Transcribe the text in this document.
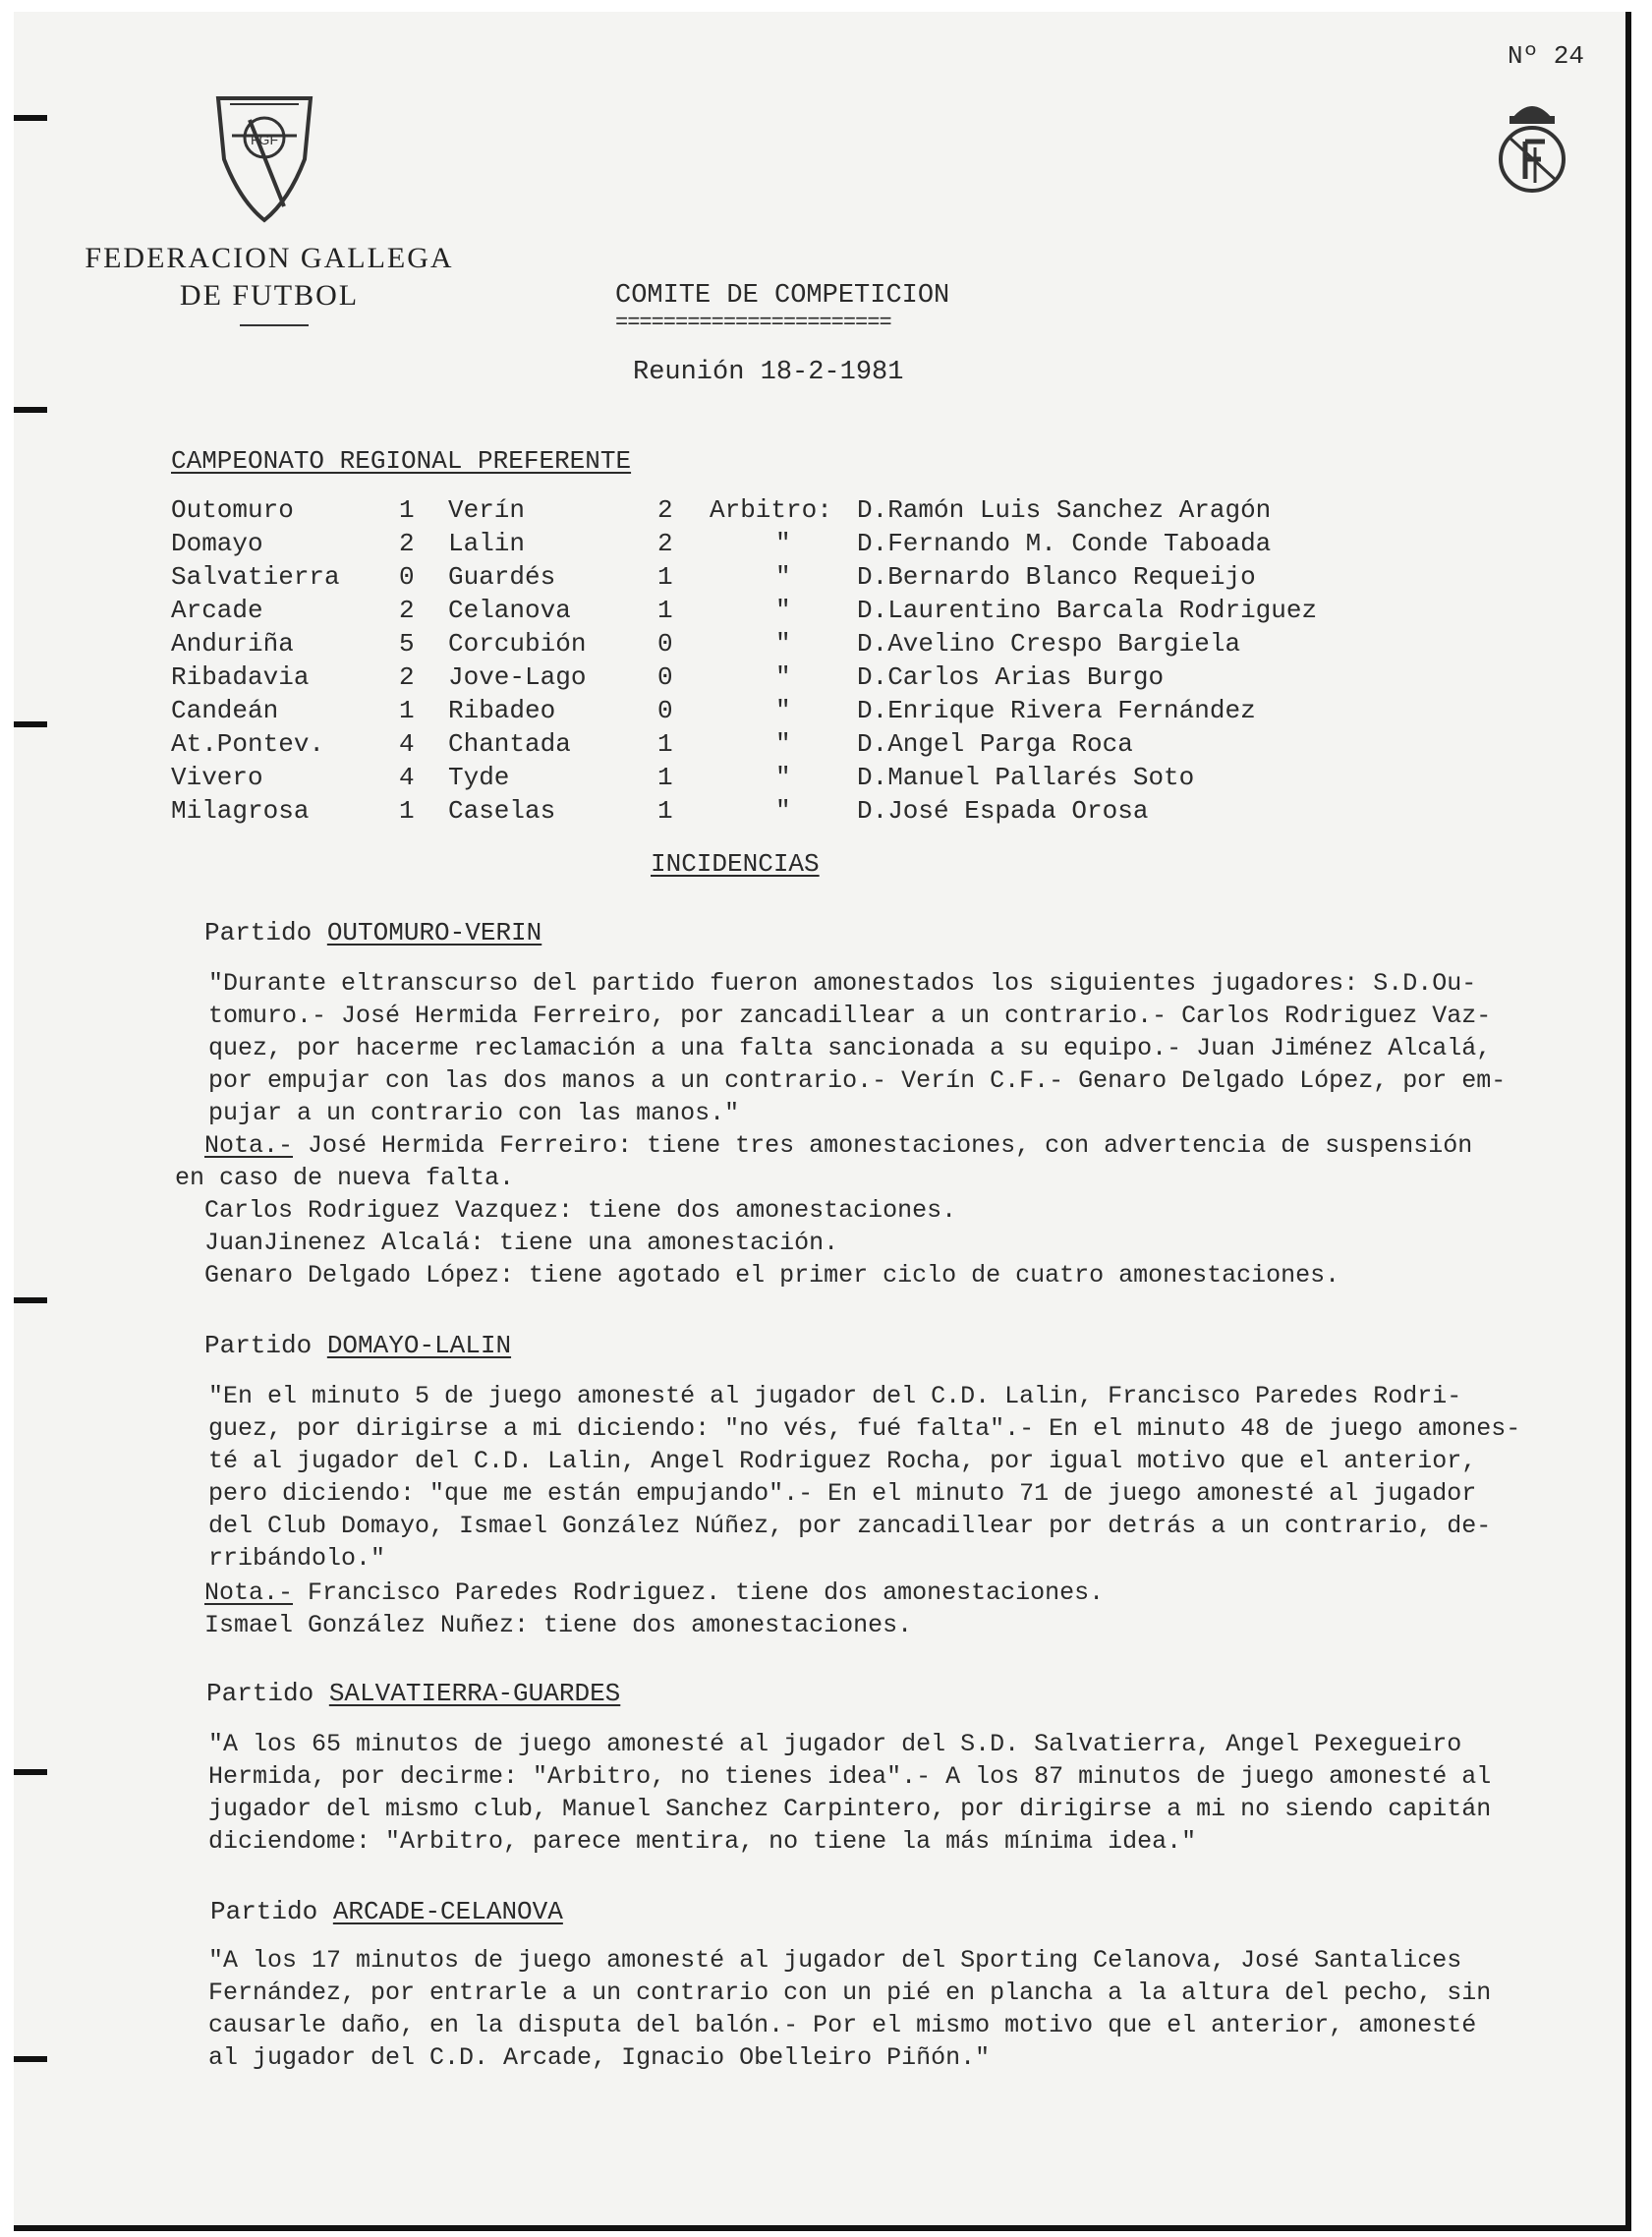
FGF
FEDERACION GALLEGA
DE FUTBOL
Nº 24
COMITE DE COMPETICION
=======================
Reunión 18-2-1981
CAMPEONATO REGIONAL PREFERENTE
Outomuro	1 Verín	2 Arbitro: D.Ramón Luis Sanchez Aragón
Domayo	2 Lalin	2	"	D.Fernando M. Conde Taboada
Salvatierra 0 Guardés	1	"	D.Bernardo Blanco Requeijo
Arcade	2 Celanova	1	"	D.Laurentino Barcala Rodriguez
Anduriña	5 Corcubión	0	"	D.Avelino Crespo Bargiela
Ribadavia	2 Jove-Lago	0	"	D.Carlos Arias Burgo
Candeán	1 Ribadeo	0	"	D.Enrique Rivera Fernández
At.Pontev.	4 Chantada	1	"	D.Angel Parga Roca
Vivero	4 Tyde	1	"	D.Manuel Pallarés Soto
Milagrosa	1 Caselas	1	"	D.José Espada Orosa
INCIDENCIAS
Partido OUTOMURO-VERIN
"Durante eltranscurso del partido fueron amonestados los siguientes jugadores: S.D.Ou-
tomuro.- José Hermida Ferreiro, por zancadillear a un contrario.- Carlos Rodriguez Vaz-
quez, por hacerme reclamación a una falta sancionada a su equipo.- Juan Jiménez Alcalá,
por empujar con las dos manos a un contrario.- Verín C.F.- Genaro Delgado López, por em-
pujar a un contrario con las manos."
Nota.- José Hermida Ferreiro: tiene tres amonestaciones, con advertencia de suspensión
en caso de nueva falta.
Carlos Rodriguez Vazquez: tiene dos amonestaciones.
JuanJinenez Alcalá: tiene una amonestación.
Genaro Delgado López: tiene agotado el primer ciclo de cuatro amonestaciones.
Partido DOMAYO-LALIN
"En el minuto 5 de juego amonesté al jugador del C.D. Lalin, Francisco Paredes Rodri-
guez, por dirigirse a mi diciendo: "no vés, fué falta".- En el minuto 48 de juego amones-
té al jugador del C.D. Lalin, Angel Rodriguez Rocha, por igual motivo que el anterior,
pero diciendo: "que me están empujando".- En el minuto 71 de juego amonesté al jugador
del Club Domayo, Ismael González Núñez, por zancadillear por detrás a un contrario, de-
rribándolo."
Nota.- Francisco Paredes Rodriguez. tiene dos amonestaciones.
Ismael González Nuñez: tiene dos amonestaciones.
Partido SALVATIERRA-GUARDES
"A los 65 minutos de juego amonesté al jugador del S.D. Salvatierra, Angel Pexegueiro
Hermida, por decirme: "Arbitro, no tienes idea".- A los 87 minutos de juego amonesté al
jugador del mismo club, Manuel Sanchez Carpintero, por dirigirse a mi no siendo capitán
diciendome: "Arbitro, parece mentira, no tiene la más mínima idea."
Partido ARCADE-CELANOVA
"A los 17 minutos de juego amonesté al jugador del Sporting Celanova, José Santalices
Fernández, por entrarle a un contrario con un pié en plancha a la altura del pecho, sin
causarle daño, en la disputa del balón.- Por el mismo motivo que el anterior, amonesté
al jugador del C.D. Arcade, Ignacio Obelleiro Piñón."
